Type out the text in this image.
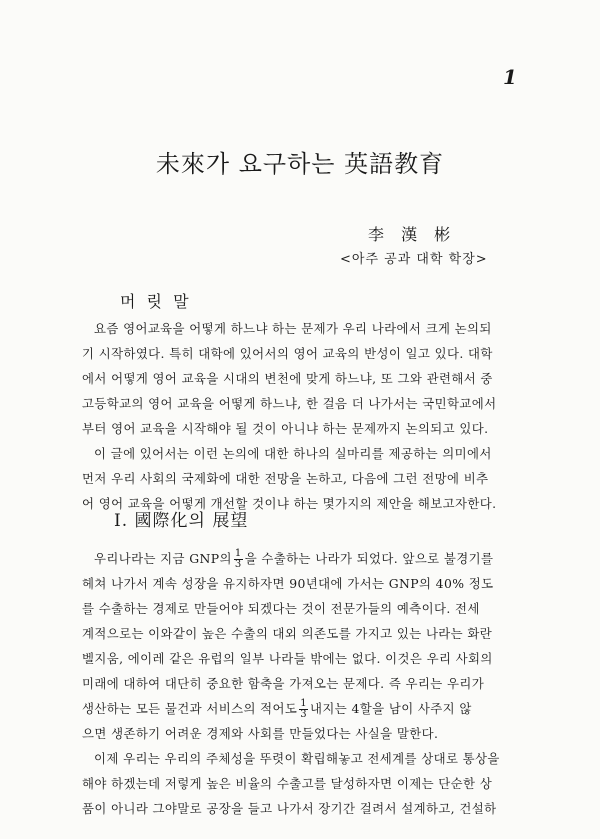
1
未來가 요구하는 英語教育
李 漢 彬
<아주 공과 대학 학장>
머 릿 말
요즘 영어교육을 어떻게 하느냐 하는 문제가 우리 나라에서 크게 논의되
기 시작하였다. 특히 대학에 있어서의 영어 교육의 반성이 일고 있다. 대학
에서 어떻게 영어 교육을 시대의 변천에 맞게 하느냐, 또 그와 관련해서 중
고등학교의 영어 교육을 어떻게 하느냐, 한 걸음 더 나가서는 국민학교에서
부터 영어 교육을 시작해야 될 것이 아니냐 하는 문제까지 논의되고 있다.
이 글에 있어서는 이런 논의에 대한 하나의 실마리를 제공하는 의미에서
먼저 우리 사회의 국제화에 대한 전망을 논하고, 다음에 그런 전망에 비추
어 영어 교육을 어떻게 개선할 것이냐 하는 몇가지의 제안을 해보고자한다.
I. 國際化의 展望
우리나라는 지금 GNP의 $\frac{1}{3}$ 을 수출하는 나라가 되었다. 앞으로 불경기를
헤쳐 나가서 계속 성장을 유지하자면 90년대에 가서는 GNP의 40% 정도
를 수출하는 경제로 만들어야 되겠다는 것이 전문가들의 예측이다. 전세
계적으로는 이와같이 높은 수출의 대외 의존도를 가지고 있는 나라는 화란
벨지움, 에이레 같은 유럽의 일부 나라들 밖에는 없다. 이것은 우리 사회의
미래에 대하여 대단히 중요한 함축을 가져오는 문제다. 즉 우리는 우리가
생산하는 모든 물건과 서비스의 적어도 $\frac{1}{3}$ 내지는 4할을 남이 사주지 않
으면 생존하기 어려운 경제와 사회를 만들었다는 사실을 말한다.
이제 우리는 우리의 주체성을 뚜렷이 확립해놓고 전세계를 상대로 통상을
해야 하겠는데 저렇게 높은 비율의 수출고를 달성하자면 이제는 단순한 상
품이 아니라 그야말로 공장을 들고 나가서 장기간 걸려서 설계하고, 건설하
